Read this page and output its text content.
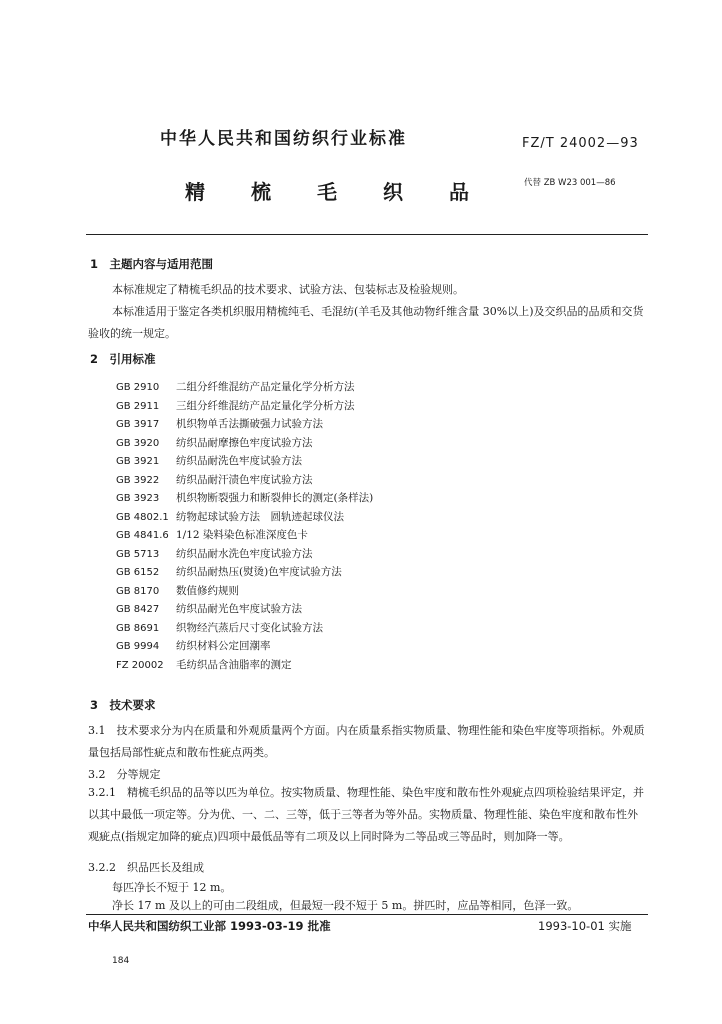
中华人民共和国纺织行业标准	FZ/T 24002—93
精 梳 毛 织 品	代替 ZB W23 001—86
1　主题内容与适用范围
本标准规定了精梳毛织品的技术要求、试验方法、包装标志及检验规则。
本标准适用于鉴定各类机织服用精梳纯毛、毛混纺(羊毛及其他动物纤维含量 30%以上)及交织品的品质和交货验收的统一规定。
2　引用标准
GB 2910 二组分纤维混纺产品定量化学分析方法
GB 2911 三组分纤维混纺产品定量化学分析方法
GB 3917 机织物单舌法撕破强力试验方法
GB 3920 纺织品耐摩擦色牢度试验方法
GB 3921 纺织品耐洗色牢度试验方法
GB 3922 纺织品耐汗渍色牢度试验方法
GB 3923 机织物断裂强力和断裂伸长的测定(条样法)
GB 4802.1 纺物起球试验方法　圆轨迹起球仪法
GB 4841.6 1/12 染料染色标准深度色卡
GB 5713 纺织品耐水洗色牢度试验方法
GB 6152 纺织品耐热压(熨烫)色牢度试验方法
GB 8170 数值修约规则
GB 8427 纺织品耐光色牢度试验方法
GB 8691 织物经汽蒸后尺寸变化试验方法
GB 9994 纺织材料公定回潮率
FZ 20002 毛纺织品含油脂率的测定
3　技术要求
3.1　技术要求分为内在质量和外观质量两个方面。内在质量系指实物质量、物理性能和染色牢度等项指标。外观质量包括局部性疵点和散布性疵点两类。
3.2　分等规定
3.2.1　精梳毛织品的品等以匹为单位。按实物质量、物理性能、染色牢度和散布性外观疵点四项检验结果评定，并以其中最低一项定等。分为优、一、二、三等，低于三等者为等外品。实物质量、物理性能、染色牢度和散布性外观疵点(指规定加降的疵点)四项中最低品等有二项及以上同时降为二等品或三等品时，则加降一等。
3.2.2　织品匹长及组成
每匹净长不短于 12 m。
净长 17 m 及以上的可由二段组成，但最短一段不短于 5 m。拼匹时，应品等相同，色泽一致。
中华人民共和国纺织工业部 1993-03-19 批准	1993-10-01 实施
184
